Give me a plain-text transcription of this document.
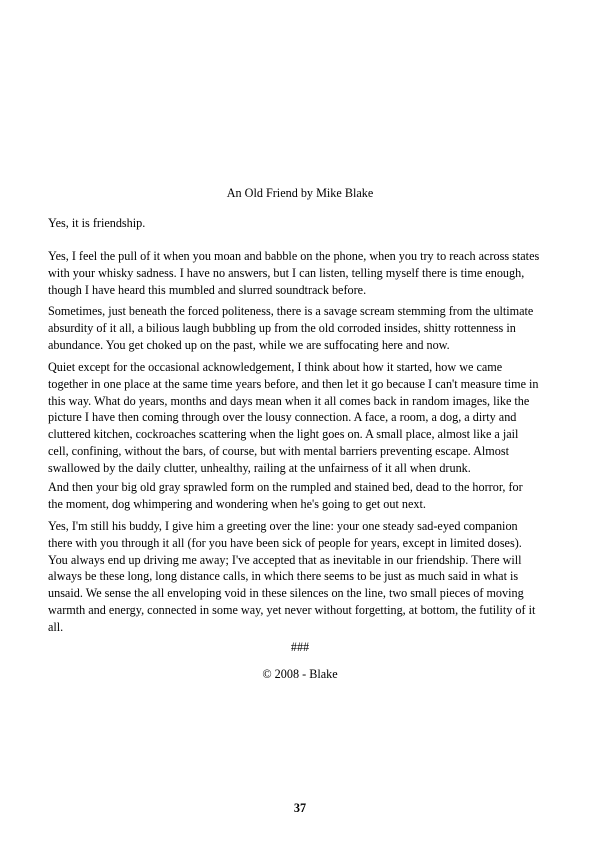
An Old Friend by Mike Blake

Yes, it is friendship.

Yes, I feel the pull of it when you moan and babble on the phone, when you try to reach across states
with your whisky sadness. I have no answers, but I can listen, telling myself there is time enough,
though I have heard this mumbled and slurred soundtrack before.

Sometimes, just beneath the forced politeness, there is a savage scream stemming from the ultimate
absurdity of it all, a bilious laugh bubbling up from the old corroded insides, shitty rottenness in
abundance. You get choked up on the past, while we are suffocating here and now.

Quiet except for the occasional acknowledgement, I think about how it started, how we came
together in one place at the same time years before, and then let it go because I can't measure time in
this way. What do years, months and days mean when it all comes back in random images, like the
picture I have then coming through over the lousy connection. A face, a room, a dog, a dirty and
cluttered kitchen, cockroaches scattering when the light goes on. A small place, almost like a jail
cell, confining, without the bars, of course, but with mental barriers preventing escape. Almost
swallowed by the daily clutter, unhealthy, railing at the unfairness of it all when drunk.

And then your big old gray sprawled form on the rumpled and stained bed, dead to the horror, for
the moment, dog whimpering and wondering when he's going to get out next.

Yes, I'm still his buddy, I give him a greeting over the line: your one steady sad-eyed companion
there with you through it all (for you have been sick of people for years, except in limited doses).
You always end up driving me away; I've accepted that as inevitable in our friendship. There will
always be these long, long distance calls, in which there seems to be just as much said in what is
unsaid. We sense the all enveloping void in these silences on the line, two small pieces of moving
warmth and energy, connected in some way, yet never without forgetting, at bottom, the futility of it
all.

###
© 2008 - Blake
37
